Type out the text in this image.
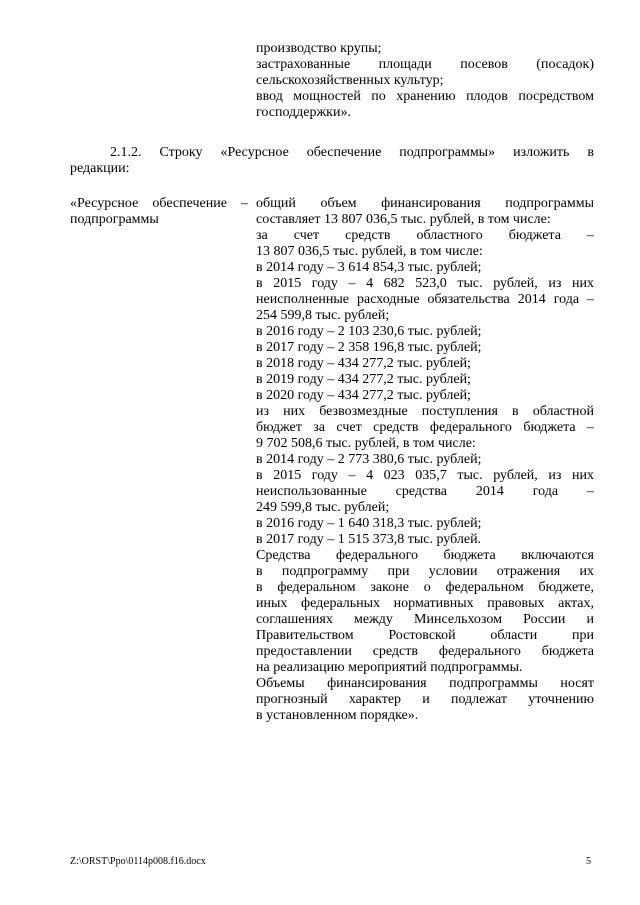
производство крупы;
застрахованные площади посевов (посадок)
сельскохозяйственных культур;
ввод мощностей по хранению плодов посредством
господдержки».
2.1.2. Строку «Ресурсное обеспечение подпрограммы» изложить в
редакции:
«Ресурсное обеспечение –
подпрограммы
общий объем финансирования подпрограммы
составляет 13 807 036,5 тыс. рублей, в том числе:
за счет средств областного бюджета –
13 807 036,5 тыс. рублей, в том числе:
в 2014 году – 3 614 854,3 тыс. рублей;
в 2015 году – 4 682 523,0 тыс. рублей, из них
неисполненные расходные обязательства 2014 года –
254 599,8 тыс. рублей;
в 2016 году – 2 103 230,6 тыс. рублей;
в 2017 году – 2 358 196,8 тыс. рублей;
в 2018 году – 434 277,2 тыс. рублей;
в 2019 году – 434 277,2 тыс. рублей;
в 2020 году – 434 277,2 тыс. рублей;
из них безвозмездные поступления в областной
бюджет за счет средств федерального бюджета –
9 702 508,6 тыс. рублей, в том числе:
в 2014 году – 2 773 380,6 тыс. рублей;
в 2015 году – 4 023 035,7 тыс. рублей, из них
неиспользованные средства 2014 года –
249 599,8 тыс. рублей;
в 2016 году – 1 640 318,3 тыс. рублей;
в 2017 году – 1 515 373,8 тыс. рублей.
Средства федерального бюджета включаются
в подпрограмму при условии отражения их
в федеральном законе о федеральном бюджете,
иных федеральных нормативных правовых актах,
соглашениях между Минсельхозом России и
Правительством Ростовской области при
предоставлении средств федерального бюджета
на реализацию мероприятий подпрограммы.
Объемы финансирования подпрограммы носят
прогнозный характер и подлежат уточнению
в установленном порядке».
Z:\ORST\Ppo\0114p008.f16.docx	5
